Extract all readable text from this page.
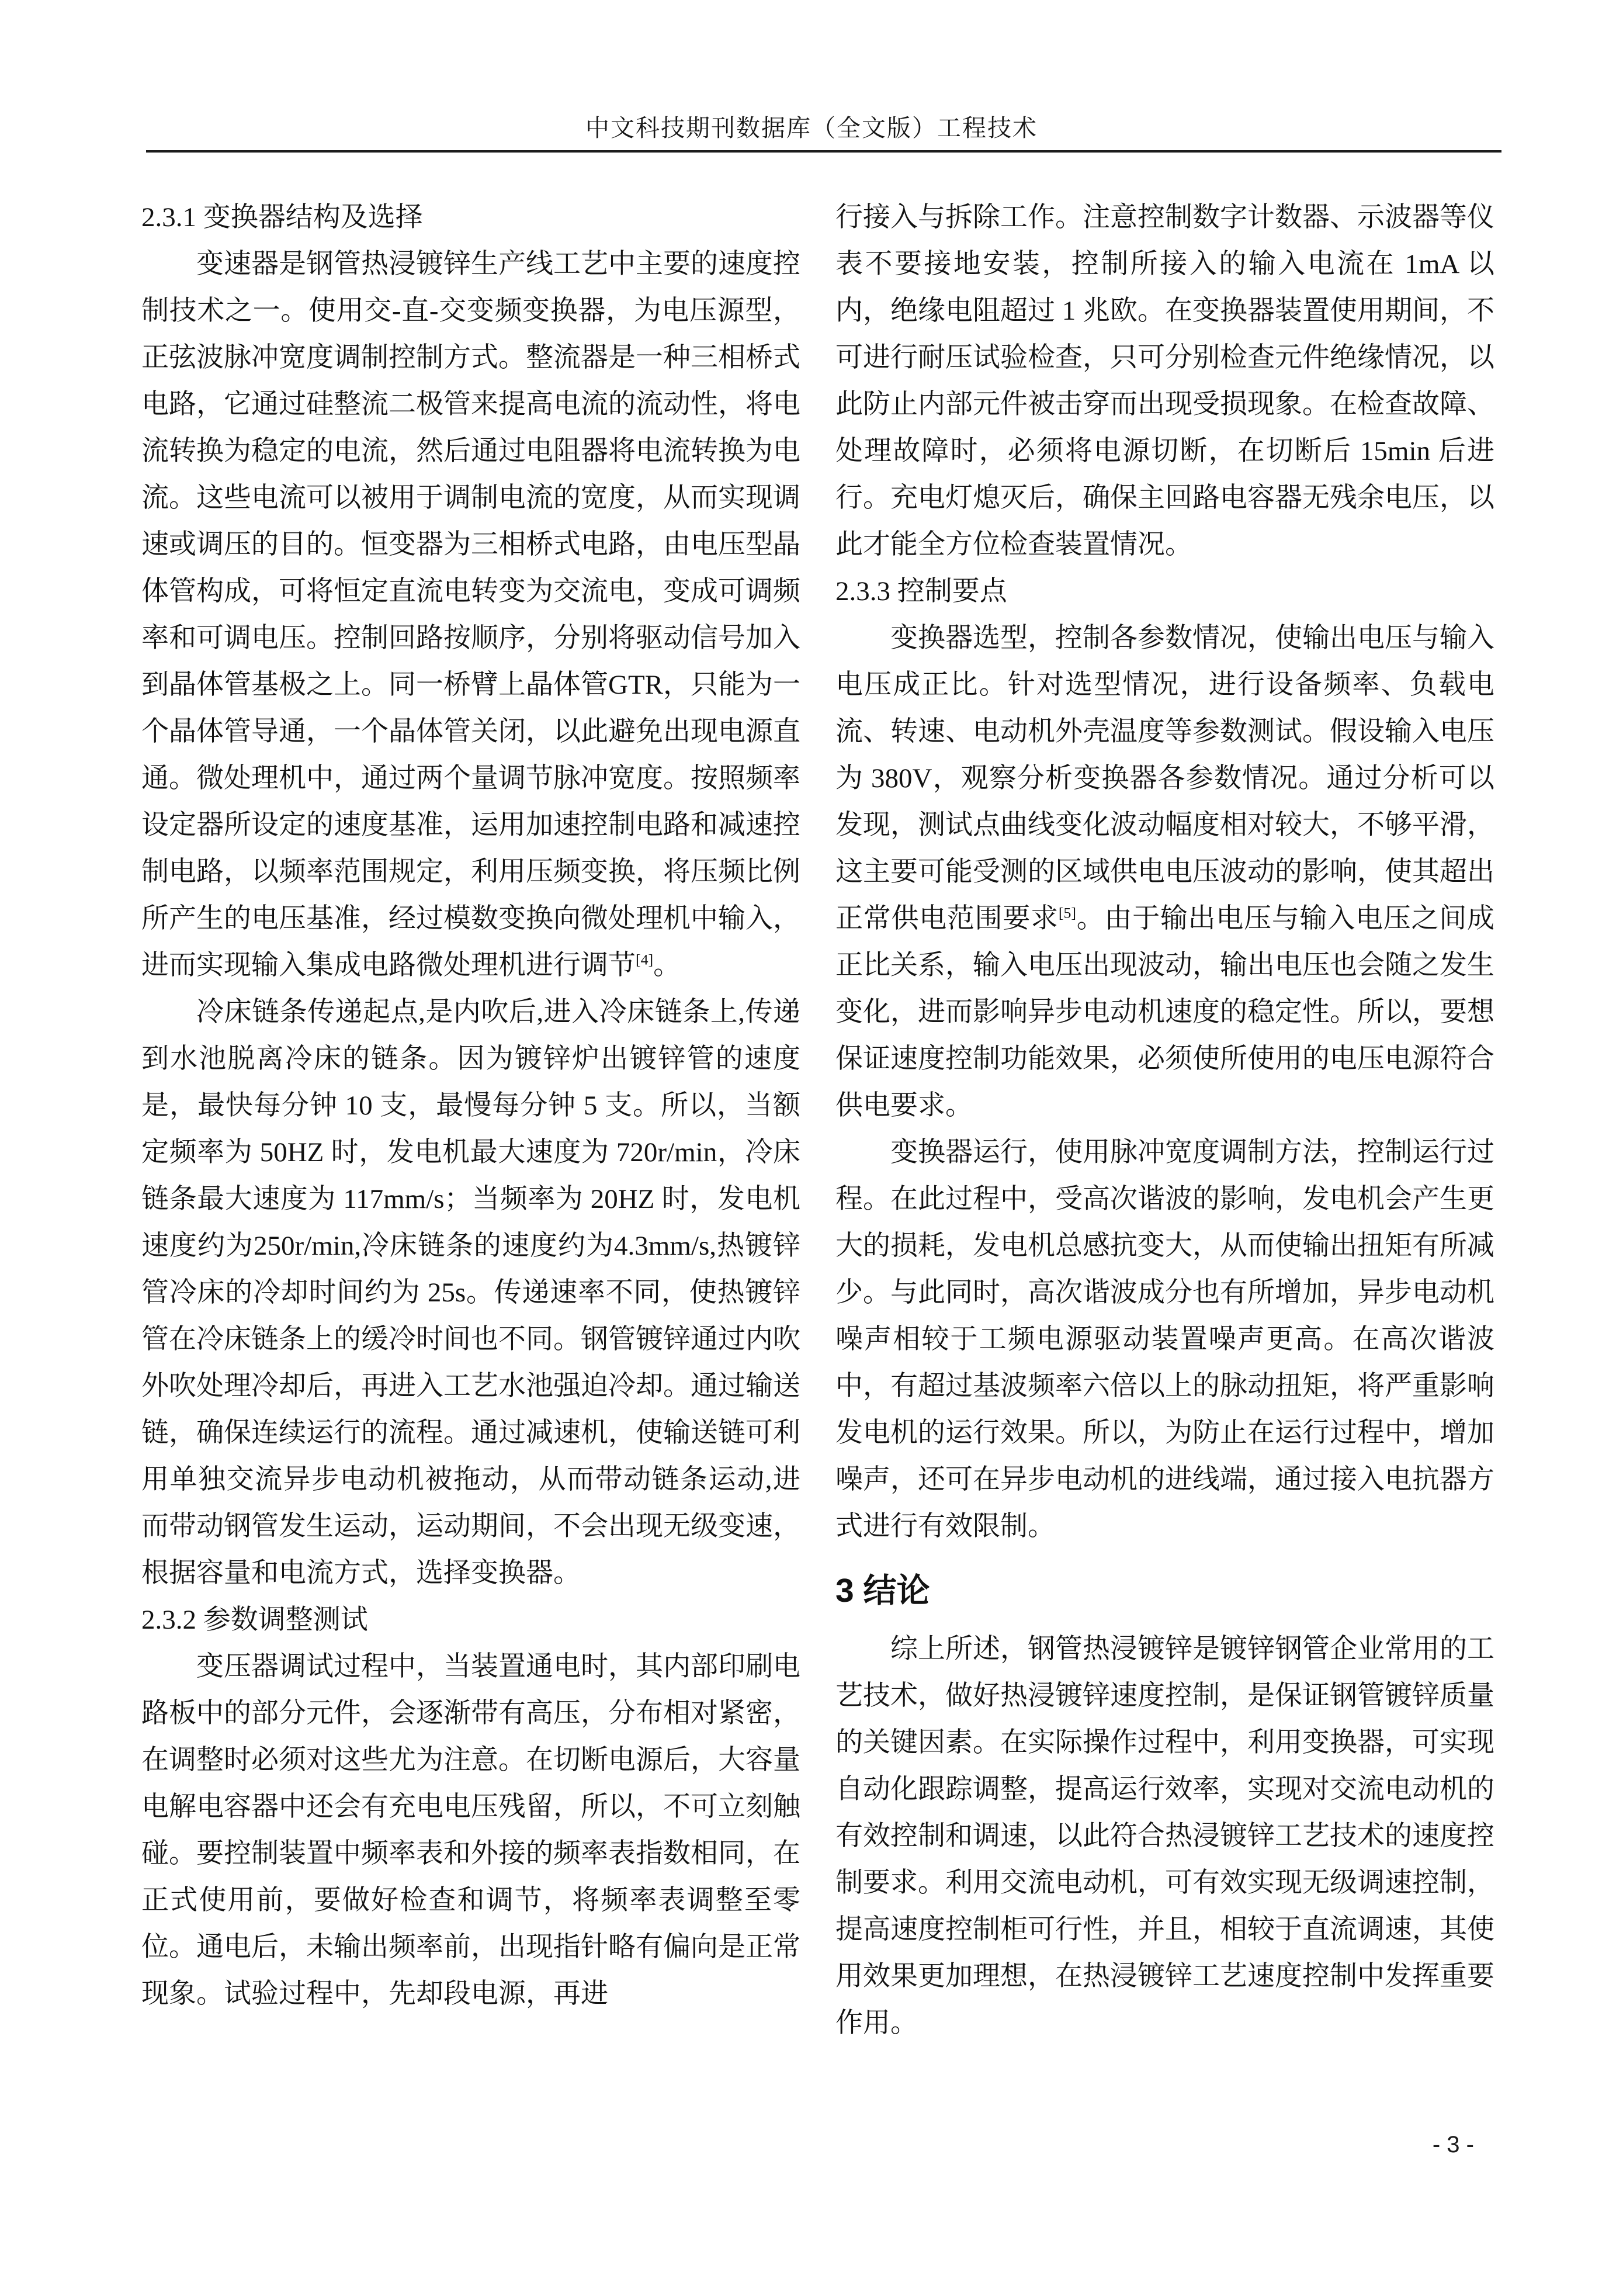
中文科技期刊数据库（全文版）工程技术
2.3.1 变换器结构及选择
变速器是钢管热浸镀锌生产线工艺中主要的速度控制技术之一。使用交-直-交变频变换器，为电压源型，正弦波脉冲宽度调制控制方式。整流器是一种三相桥式电路，它通过硅整流二极管来提高电流的流动性，将电流转换为稳定的电流，然后通过电阻器将电流转换为电流。这些电流可以被用于调制电流的宽度，从而实现调速或调压的目的。恒变器为三相桥式电路，由电压型晶体管构成，可将恒定直流电转变为交流电，变成可调频率和可调电压。控制回路按顺序，分别将驱动信号加入到晶体管基极之上。同一桥臂上晶体管GTR，只能为一个晶体管导通，一个晶体管关闭，以此避免出现电源直通。微处理机中，通过两个量调节脉冲宽度。按照频率设定器所设定的速度基准，运用加速控制电路和减速控制电路，以频率范围规定，利用压频变换，将压频比例所产生的电压基准，经过模数变换向微处理机中输入，进而实现输入集成电路微处理机进行调节[4]。
冷床链条传递起点,是内吹后,进入冷床链条上,传递到水池脱离冷床的链条。因为镀锌炉出镀锌管的速度是，最快每分钟 10 支，最慢每分钟 5 支。所以，当额定频率为 50HZ 时，发电机最大速度为 720r/min，冷床链条最大速度为 117mm/s；当频率为 20HZ 时，发电机速度约为250r/min,冷床链条的速度约为4.3mm/s,热镀锌管冷床的冷却时间约为 25s。传递速率不同，使热镀锌管在冷床链条上的缓冷时间也不同。钢管镀锌通过内吹外吹处理冷却后，再进入工艺水池强迫冷却。通过输送链，确保连续运行的流程。通过减速机，使输送链可利用单独交流异步电动机被拖动，从而带动链条运动,进而带动钢管发生运动，运动期间，不会出现无级变速，根据容量和电流方式，选择变换器。
2.3.2 参数调整测试
变压器调试过程中，当装置通电时，其内部印刷电路板中的部分元件，会逐渐带有高压，分布相对紧密，在调整时必须对这些尤为注意。在切断电源后，大容量电解电容器中还会有充电电压残留，所以，不可立刻触碰。要控制装置中频率表和外接的频率表指数相同，在正式使用前，要做好检查和调节，将频率表调整至零位。通电后，未输出频率前，出现指针略有偏向是正常现象。试验过程中，先却段电源，再进
行接入与拆除工作。注意控制数字计数器、示波器等仪表不要接地安装，控制所接入的输入电流在 1mA 以内，绝缘电阻超过 1 兆欧。在变换器装置使用期间，不可进行耐压试验检查，只可分别检查元件绝缘情况，以此防止内部元件被击穿而出现受损现象。在检查故障、处理故障时，必须将电源切断，在切断后 15min 后进行。充电灯熄灭后，确保主回路电容器无残余电压，以此才能全方位检查装置情况。
2.3.3 控制要点
变换器选型，控制各参数情况，使输出电压与输入电压成正比。针对选型情况，进行设备频率、负载电流、转速、电动机外壳温度等参数测试。假设输入电压为 380V，观察分析变换器各参数情况。通过分析可以发现，测试点曲线变化波动幅度相对较大，不够平滑，这主要可能受测的区域供电电压波动的影响，使其超出正常供电范围要求[5]。由于输出电压与输入电压之间成正比关系，输入电压出现波动，输出电压也会随之发生变化，进而影响异步电动机速度的稳定性。所以，要想保证速度控制功能效果，必须使所使用的电压电源符合供电要求。
变换器运行，使用脉冲宽度调制方法，控制运行过程。在此过程中，受高次谐波的影响，发电机会产生更大的损耗，发电机总感抗变大，从而使输出扭矩有所减少。与此同时，高次谐波成分也有所增加，异步电动机噪声相较于工频电源驱动装置噪声更高。在高次谐波中，有超过基波频率六倍以上的脉动扭矩，将严重影响发电机的运行效果。所以，为防止在运行过程中，增加噪声，还可在异步电动机的进线端，通过接入电抗器方式进行有效限制。
3 结论
综上所述，钢管热浸镀锌是镀锌钢管企业常用的工艺技术，做好热浸镀锌速度控制，是保证钢管镀锌质量的关键因素。在实际操作过程中，利用变换器，可实现自动化跟踪调整，提高运行效率，实现对交流电动机的有效控制和调速，以此符合热浸镀锌工艺技术的速度控制要求。利用交流电动机，可有效实现无级调速控制，提高速度控制柜可行性，并且，相较于直流调速，其使用效果更加理想，在热浸镀锌工艺速度控制中发挥重要作用。
- 3 -
